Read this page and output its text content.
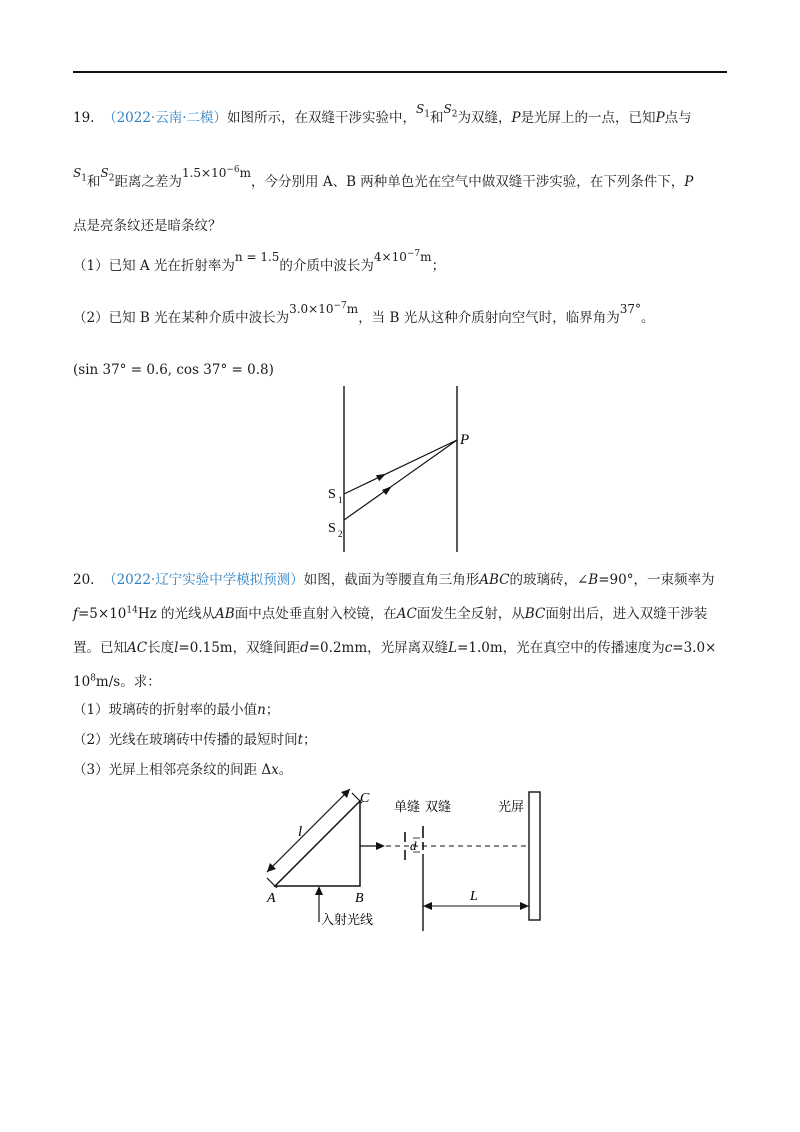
19. （2022·云南·二模）如图所示，在双缝干涉实验中，$S_1$和$S_2$为双缝，P是光屏上的一点，已知P点与
$S_1$和$S_2$距离之差为$1.5\times 10^{-6}m$，今分别用 A、B 两种单色光在空气中做双缝干涉实验，在下列条件下，P
点是亮条纹还是暗条纹？
（1）已知 A 光在折射率为n = 1.5的介质中波长为$4\times 10^{-7}m$；
（2）已知 B 光在某种介质中波长为$3.0\times 10^{-7}m$，当 B 光从这种介质射向空气时，临界角为37°。
(sin 37° = 0.6, cos 37° = 0.8)
P
S 1
S 2
20. （2022·辽宁实验中学模拟预测）如图，截面为等腰直角三角形ABC的玻璃砖，∠B=90°，一束频率为
$f=5\times 10^{14}Hz$ 的光线从AB面中点处垂直射入校镜，在AC面发生全反射，从BC面射出后，进入双缝干涉装
置。已知AC长度l=0.15m，双缝间距d=0.2mm，光屏离双缝L=1.0m，光在真空中的传播速度为c=3.0×
$10^8m/s$。求：
（1）玻璃砖的折射率的最小值n；
（2）光线在玻璃砖中传播的最短时间t；
（3）光屏上相邻亮条纹的间距 Δx。
C
A	B
l
d
L
单缝 双缝	光屏
入射光线
